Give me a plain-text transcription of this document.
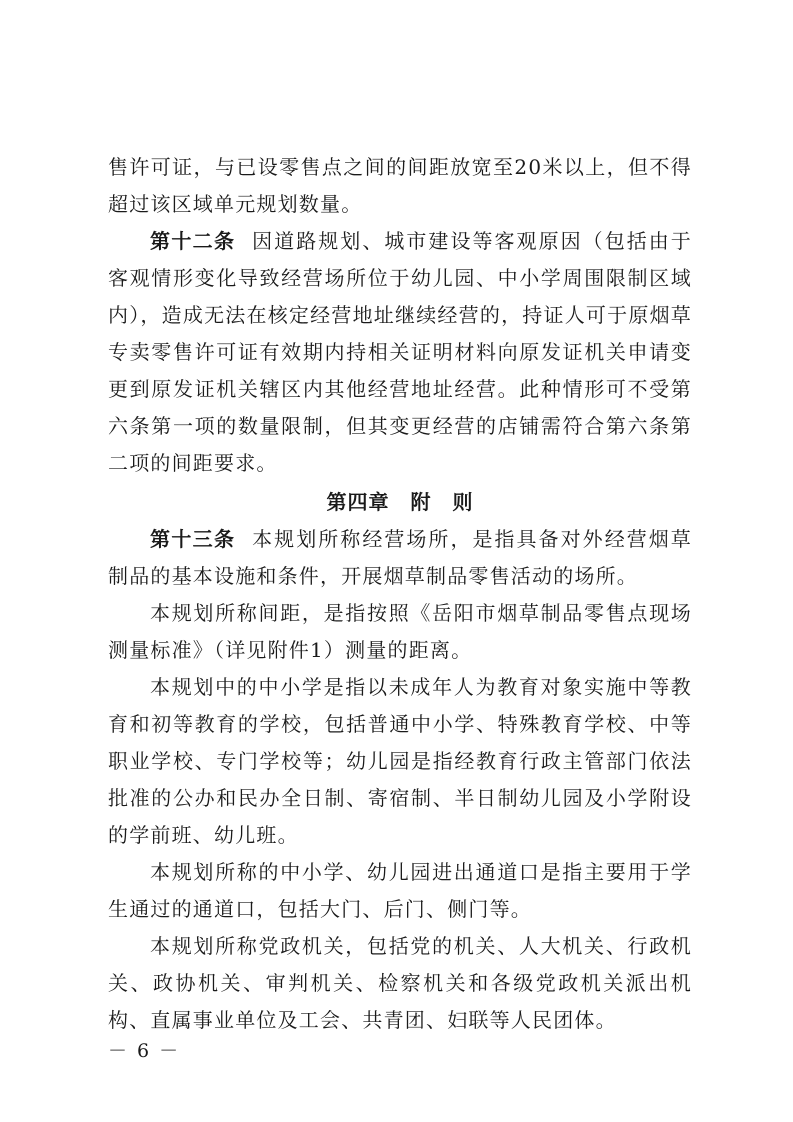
售许可证，与已设零售点之间的间距放宽至20米以上，但不得超过该区域单元规划数量。

第十二条 因道路规划、城市建设等客观原因（包括由于客观情形变化导致经营场所位于幼儿园、中小学周围限制区域内），造成无法在核定经营地址继续经营的，持证人可于原烟草专卖零售许可证有效期内持相关证明材料向原发证机关申请变更到原发证机关辖区内其他经营地址经营。此种情形可不受第六条第一项的数量限制，但其变更经营的店铺需符合第六条第二项的间距要求。

第四章　附　则

第十三条 本规划所称经营场所，是指具备对外经营烟草制品的基本设施和条件，开展烟草制品零售活动的场所。

本规划所称间距，是指按照《岳阳市烟草制品零售点现场测量标准》（详见附件1）测量的距离。

本规划中的中小学是指以未成年人为教育对象实施中等教育和初等教育的学校，包括普通中小学、特殊教育学校、中等职业学校、专门学校等；幼儿园是指经教育行政主管部门依法批准的公办和民办全日制、寄宿制、半日制幼儿园及小学附设的学前班、幼儿班。

本规划所称的中小学、幼儿园进出通道口是指主要用于学生通过的通道口，包括大门、后门、侧门等。

本规划所称党政机关，包括党的机关、人大机关、行政机关、政协机关、审判机关、检察机关和各级党政机关派出机构、直属事业单位及工会、共青团、妇联等人民团体。

－ 6 －
